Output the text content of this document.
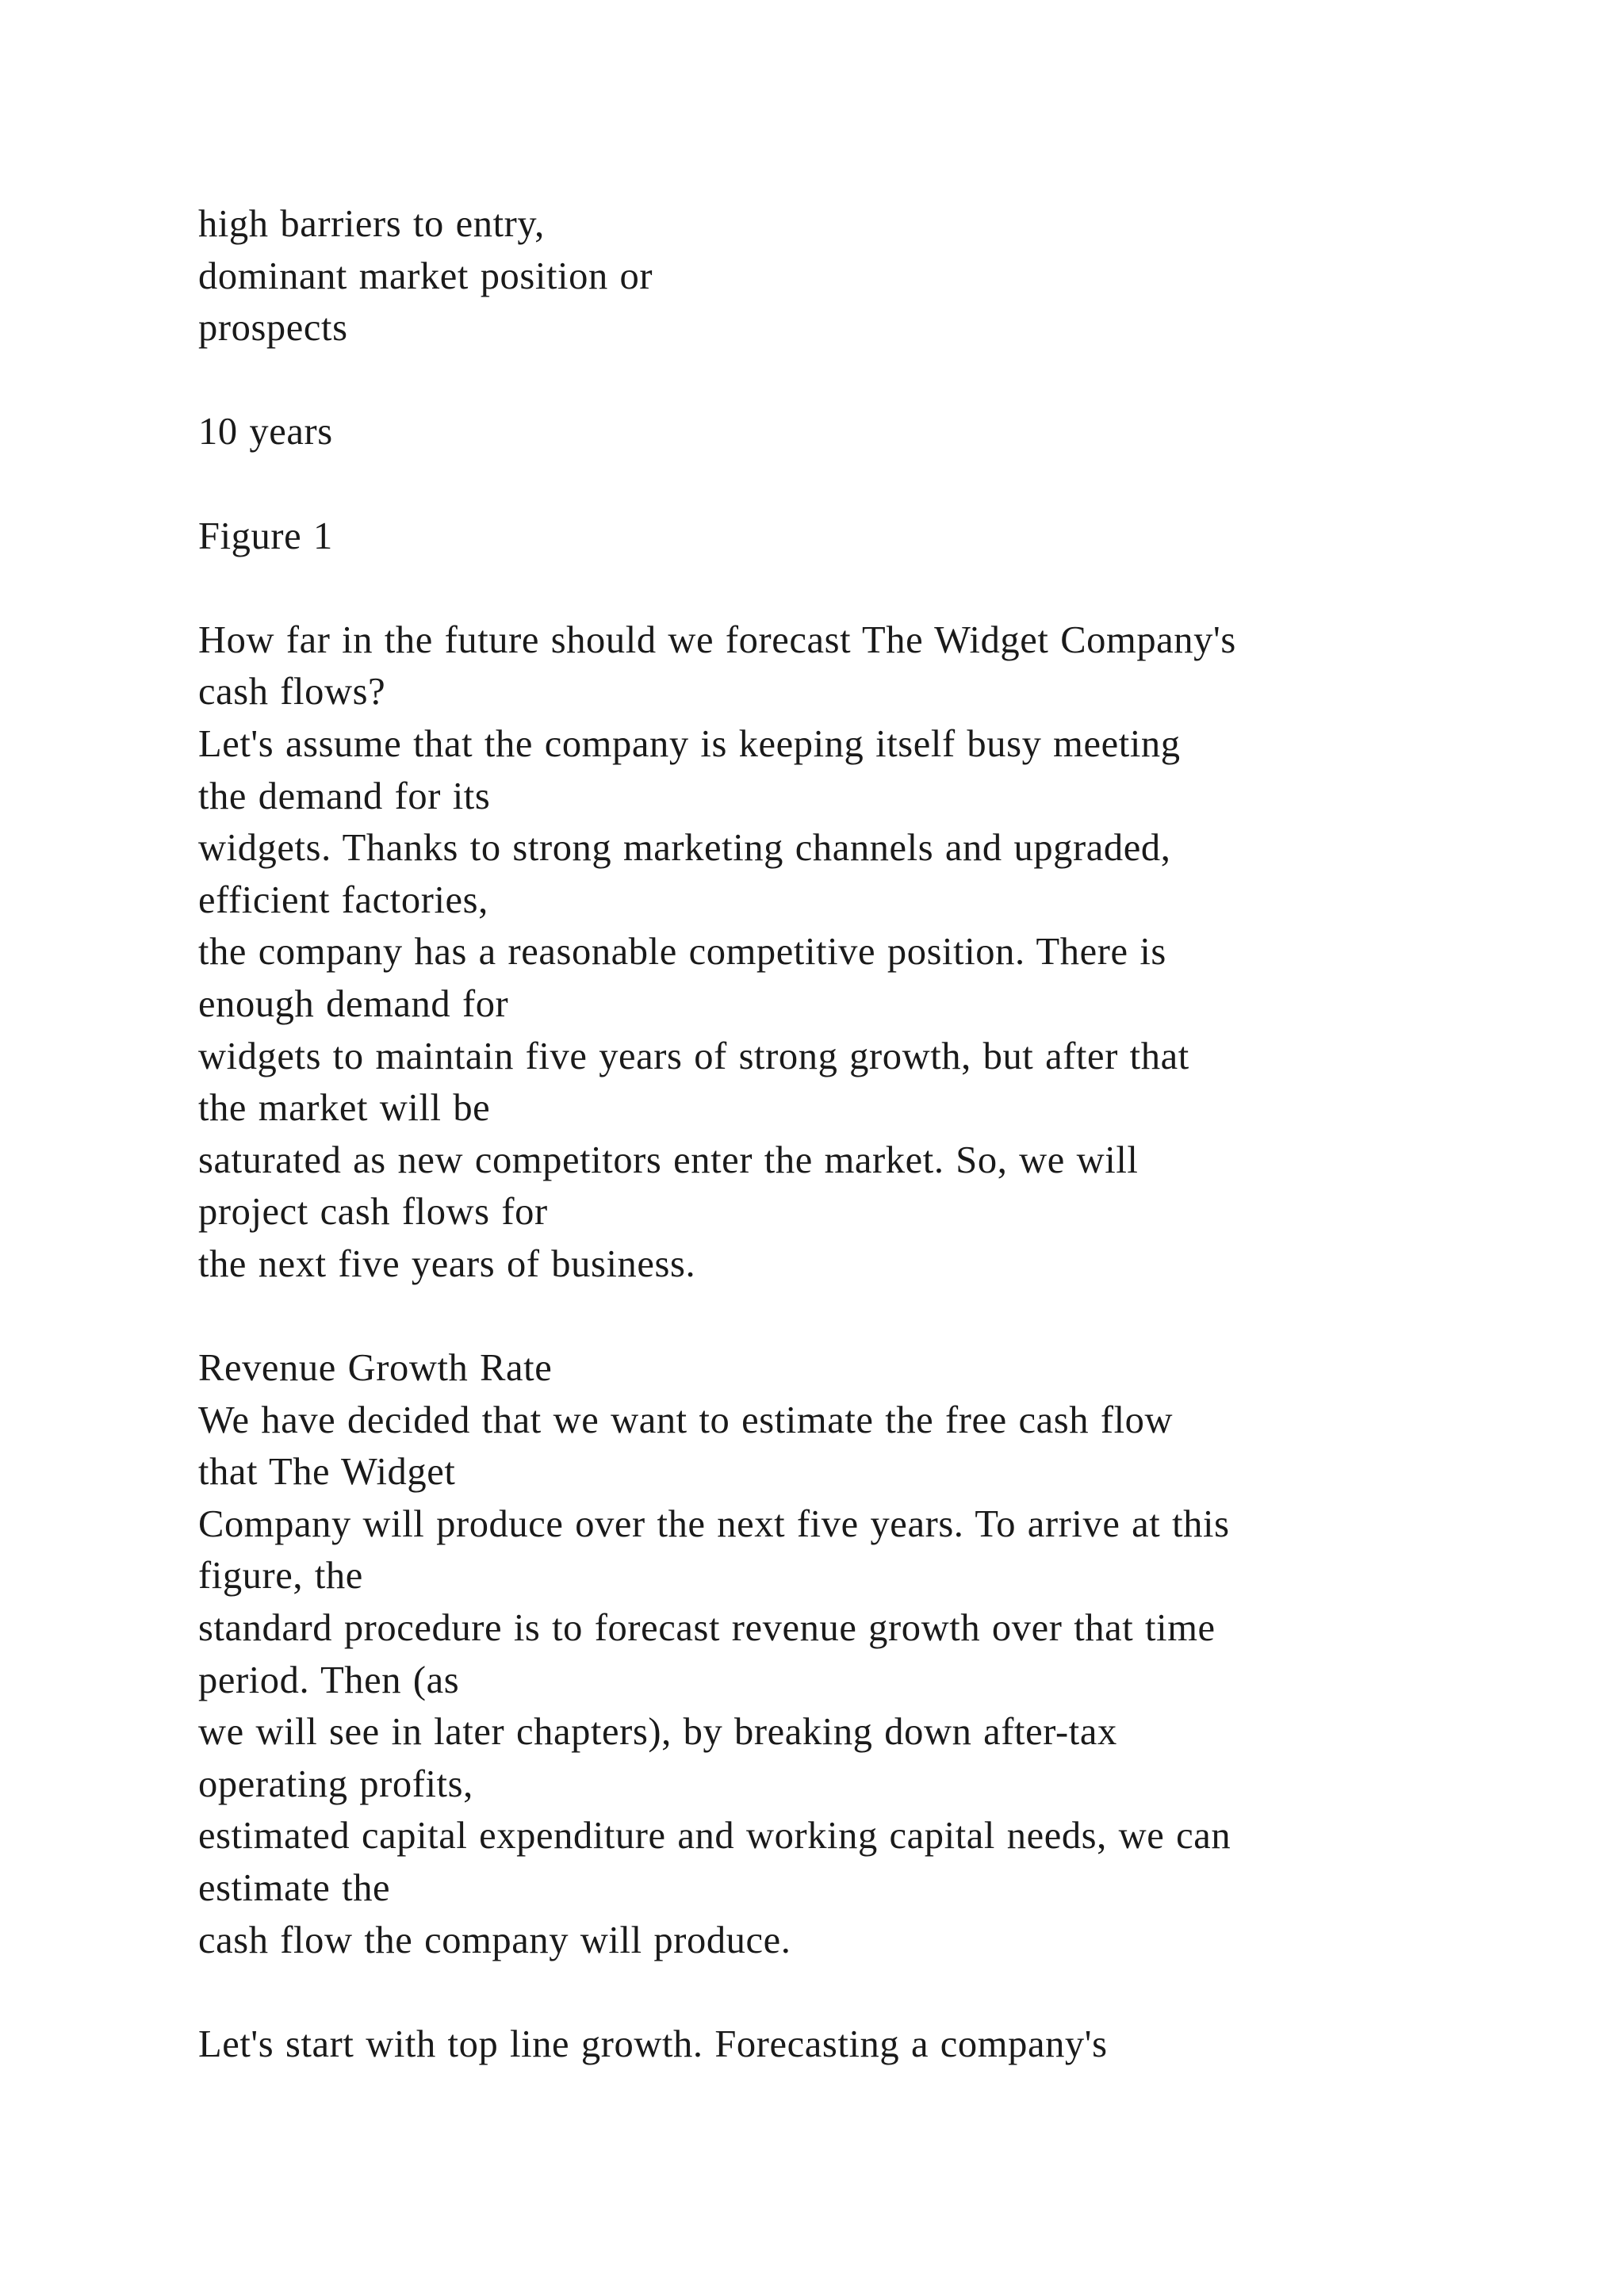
high barriers to entry,
dominant market position or
prospects
10 years
Figure 1
How far in the future should we forecast The Widget Company's
cash flows?
Let's assume that the company is keeping itself busy meeting
the demand for its
widgets. Thanks to strong marketing channels and upgraded,
efficient factories,
the company has a reasonable competitive position. There is
enough demand for
widgets to maintain five years of strong growth, but after that
the market will be
saturated as new competitors enter the market. So, we will
project cash flows for
the next five years of business.
Revenue Growth Rate
We have decided that we want to estimate the free cash flow
that The Widget
Company will produce over the next five years. To arrive at this
figure, the
standard procedure is to forecast revenue growth over that time
period. Then (as
we will see in later chapters), by breaking down after-tax
operating profits,
estimated capital expenditure and working capital needs, we can
estimate the
cash flow the company will produce.
Let's start with top line growth. Forecasting a company's
